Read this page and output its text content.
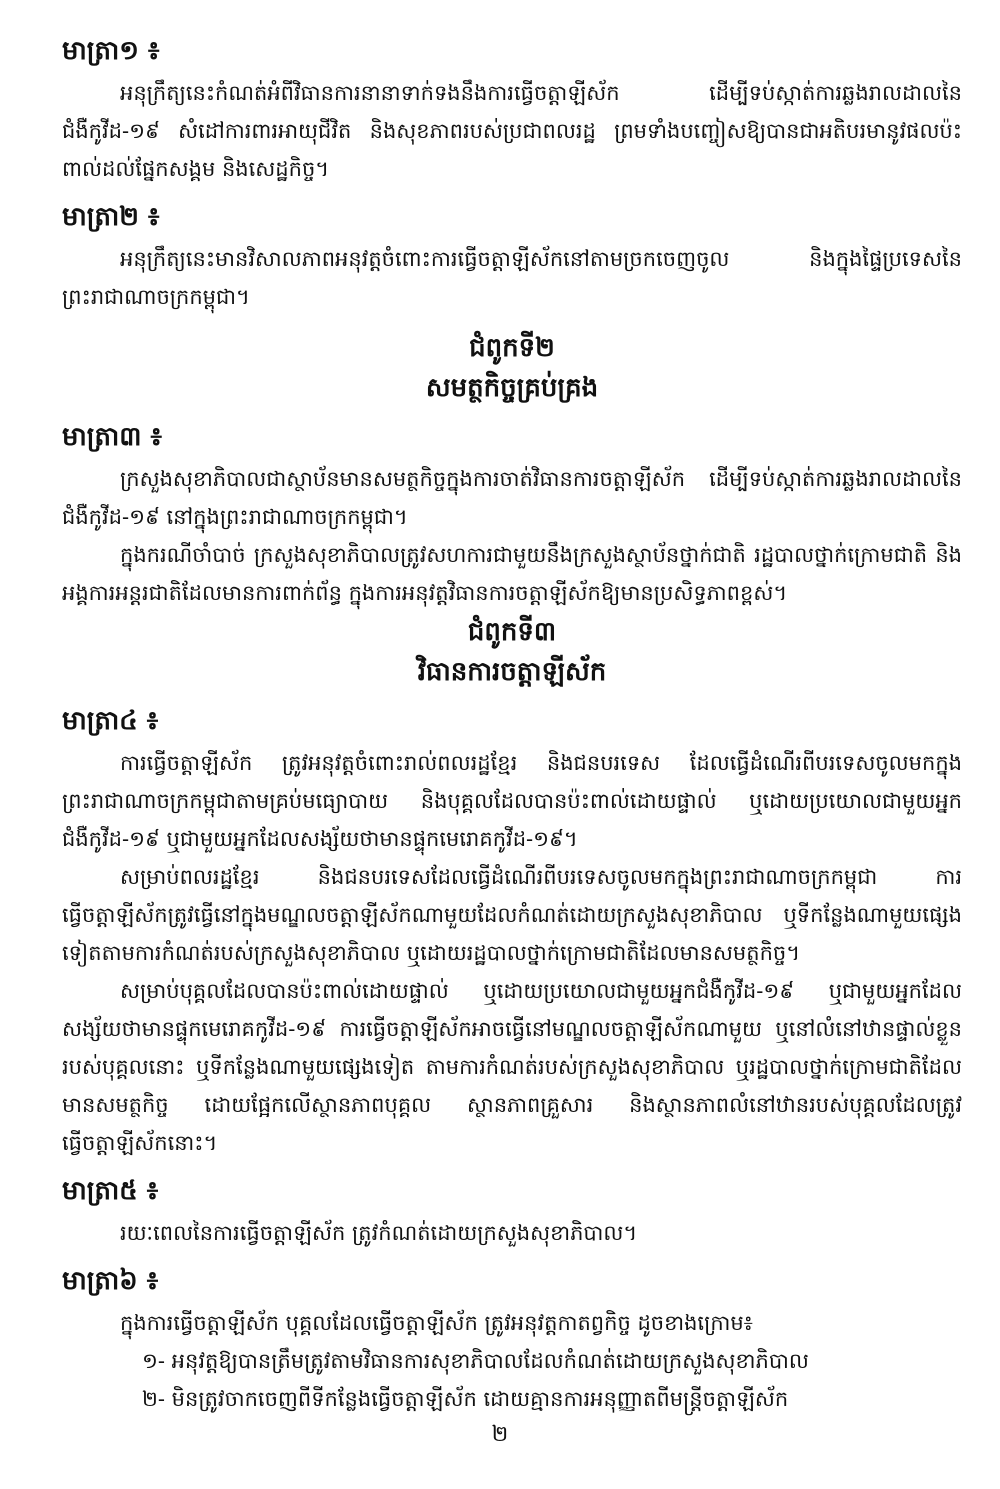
មាត្រា១ ៖

អនុក្រឹត្យនេះកំណត់អំពីវិធានការនានាទាក់ទងនឹងការធ្វើចត្តាឡីស័ក ដើម្បីទប់ស្កាត់ការឆ្លងរាលដាលនៃជំងឺកូវីដ-១៩ សំដៅការពារអាយុជីវិត និងសុខភាពរបស់ប្រជាពលរដ្ឋ ព្រមទាំងបញ្ចៀសឱ្យបានជាអតិបរមានូវផលប៉ះពាល់ដល់ផ្នែកសង្គម និងសេដ្ឋកិច្ច។

មាត្រា២ ៖

អនុក្រឹត្យនេះមានវិសាលភាពអនុវត្តចំពោះការធ្វើចត្តាឡីស័កនៅតាមច្រកចេញចូល និងក្នុងផ្ទៃប្រទេសនៃព្រះរាជាណាចក្រកម្ពុជា។

ជំពូកទី២

សមត្ថកិច្ចគ្រប់គ្រង

មាត្រា៣ ៖

ក្រសួងសុខាភិបាលជាស្ថាប័នមានសមត្ថកិច្ចក្នុងការចាត់វិធានការចត្តាឡីស័ក ដើម្បីទប់ស្កាត់ការឆ្លងរាលដាលនៃជំងឺកូវីដ-១៩ នៅក្នុងព្រះរាជាណាចក្រកម្ពុជា។

ក្នុងករណីចាំបាច់ ក្រសួងសុខាភិបាលត្រូវសហការជាមួយនឹងក្រសួងស្ថាប័នថ្នាក់ជាតិ រដ្ឋបាលថ្នាក់ក្រោមជាតិ និងអង្គការអន្តរជាតិដែលមានការពាក់ព័ន្ធ ក្នុងការអនុវត្តវិធានការចត្តាឡីស័កឱ្យមានប្រសិទ្ធភាពខ្ពស់។

ជំពូកទី៣

វិធានការចត្តាឡីស័ក

មាត្រា៤ ៖

ការធ្វើចត្តាឡីស័ក ត្រូវអនុវត្តចំពោះរាល់ពលរដ្ឋខ្មែរ និងជនបរទេស ដែលធ្វើដំណើរពីបរទេសចូលមកក្នុងព្រះរាជាណាចក្រកម្ពុជាតាមគ្រប់មធ្យោបាយ និងបុគ្គលដែលបានប៉ះពាល់ដោយផ្ទាល់ ឬដោយប្រយោលជាមួយអ្នកជំងឺកូវីដ-១៩ ឬជាមួយអ្នកដែលសង្ស័យថាមានផ្ទុកមេរោគកូវីដ-១៩។

សម្រាប់ពលរដ្ឋខ្មែរ និងជនបរទេសដែលធ្វើដំណើរពីបរទេសចូលមកក្នុងព្រះរាជាណាចក្រកម្ពុជា ការធ្វើចត្តាឡីស័កត្រូវធ្វើនៅក្នុងមណ្ឌលចត្តាឡីស័កណាមួយដែលកំណត់ដោយក្រសួងសុខាភិបាល ឬទីកន្លែងណាមួយផ្សេងទៀតតាមការកំណត់របស់ក្រសួងសុខាភិបាល ឬដោយរដ្ឋបាលថ្នាក់ក្រោមជាតិដែលមានសមត្ថកិច្ច។

សម្រាប់បុគ្គលដែលបានប៉ះពាល់ដោយផ្ទាល់ ឬដោយប្រយោលជាមួយអ្នកជំងឺកូវីដ-១៩ ឬជាមួយអ្នកដែលសង្ស័យថាមានផ្ទុកមេរោគកូវីដ-១៩ ការធ្វើចត្តាឡីស័កអាចធ្វើនៅមណ្ឌលចត្តាឡីស័កណាមួយ ឬនៅលំនៅឋានផ្ទាល់ខ្លួនរបស់បុគ្គលនោះ ឬទីកន្លែងណាមួយផ្សេងទៀត តាមការកំណត់របស់ក្រសួងសុខាភិបាល ឬរដ្ឋបាលថ្នាក់ក្រោមជាតិដែលមានសមត្ថកិច្ច ដោយផ្អែកលើស្ថានភាពបុគ្គល ស្ថានភាពគ្រួសារ និងស្ថានភាពលំនៅឋានរបស់បុគ្គលដែលត្រូវធ្វើចត្តាឡីស័កនោះ។

មាត្រា៥ ៖

រយៈពេលនៃការធ្វើចត្តាឡីស័ក ត្រូវកំណត់ដោយក្រសួងសុខាភិបាល។

មាត្រា៦ ៖

ក្នុងការធ្វើចត្តាឡីស័ក បុគ្គលដែលធ្វើចត្តាឡីស័ក ត្រូវអនុវត្តកាតព្វកិច្ច ដូចខាងក្រោម៖

១- អនុវត្តឱ្យបានត្រឹមត្រូវតាមវិធានការសុខាភិបាលដែលកំណត់ដោយក្រសួងសុខាភិបាល

២- មិនត្រូវចាកចេញពីទីកន្លែងធ្វើចត្តាឡីស័ក ដោយគ្មានការអនុញ្ញាតពីមន្ត្រីចត្តាឡីស័ក

២
